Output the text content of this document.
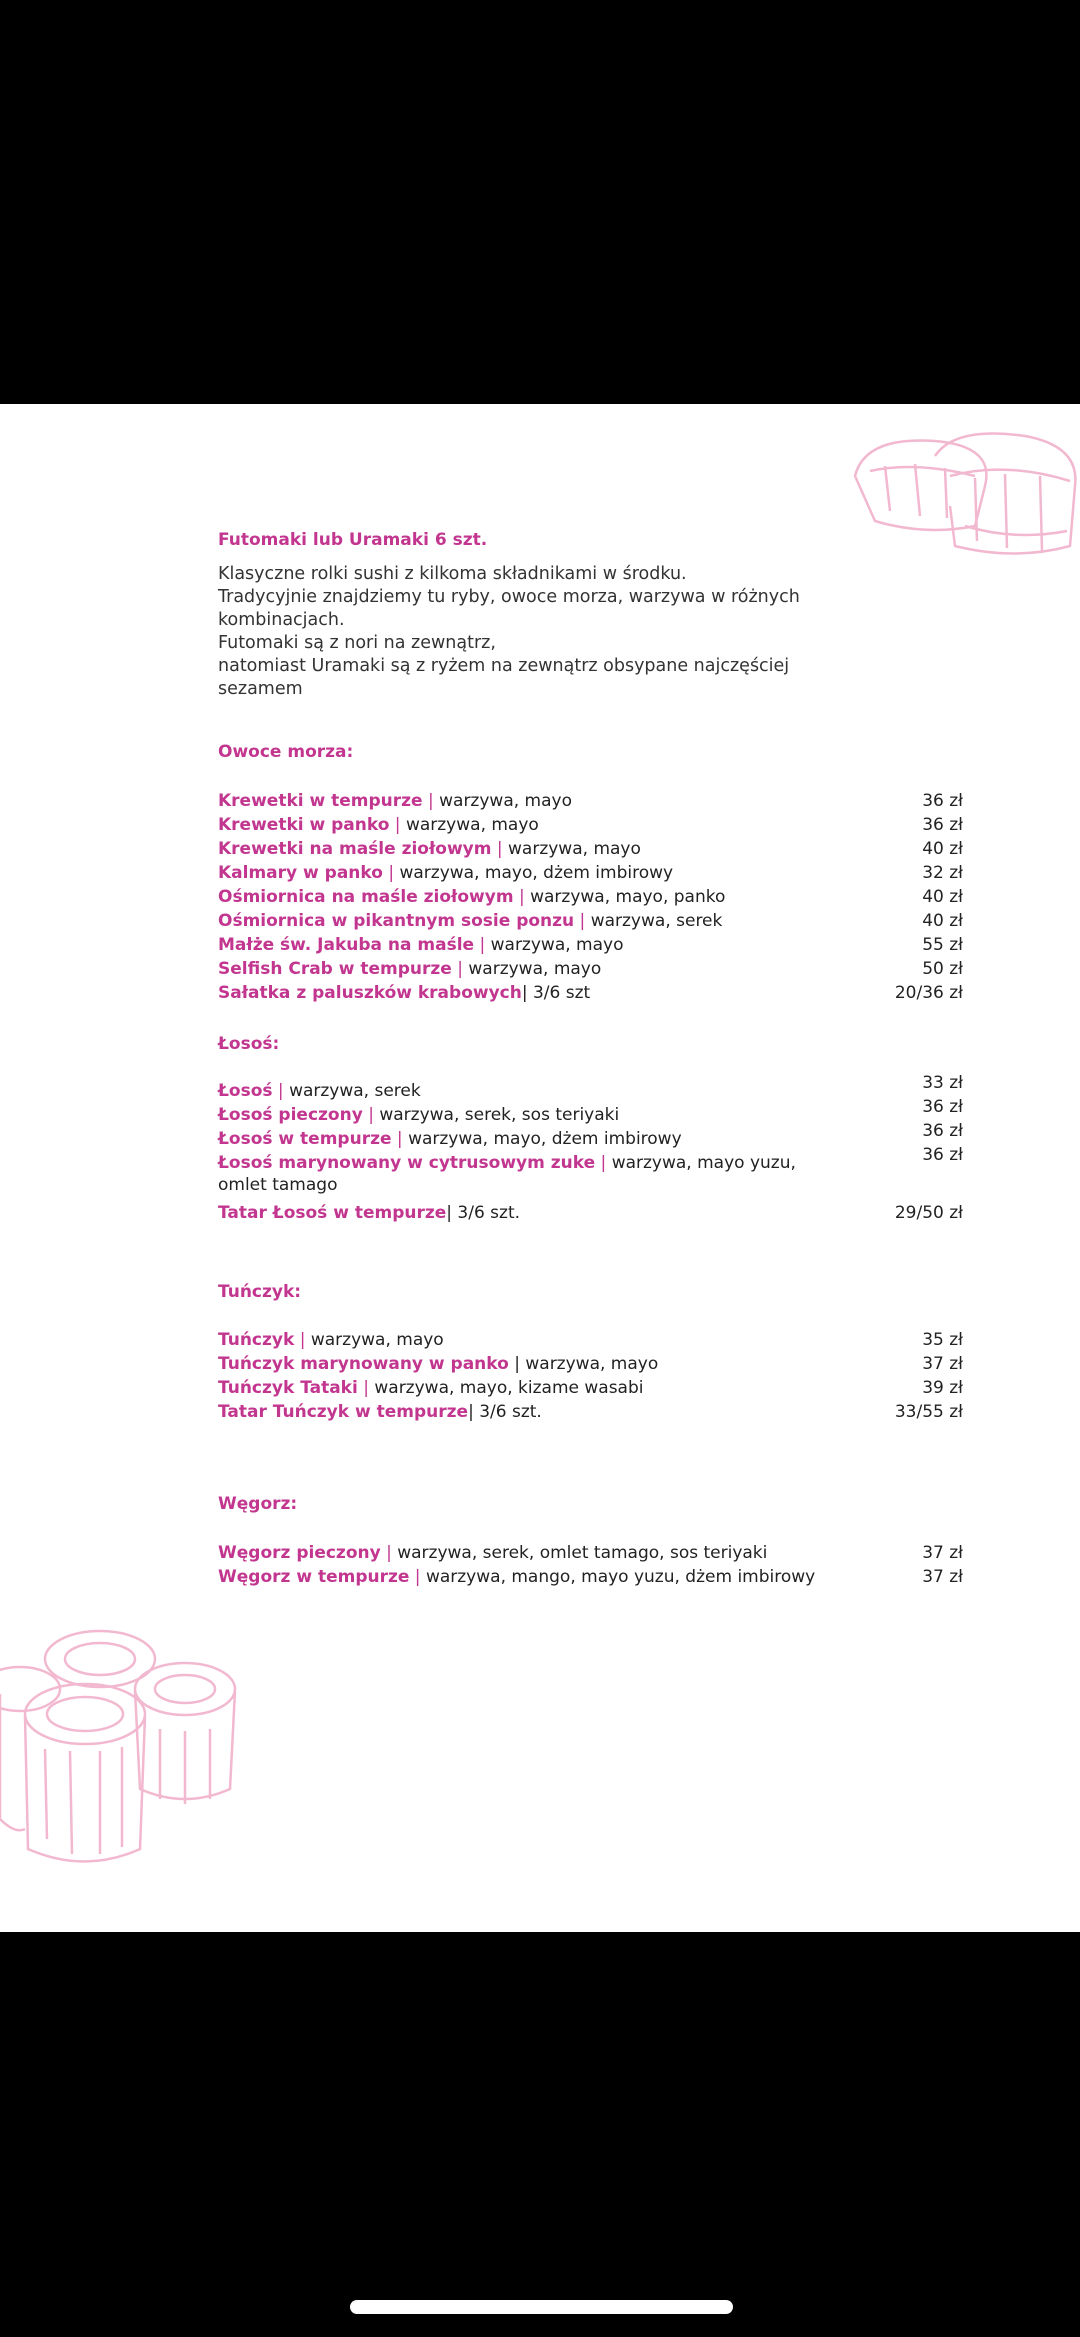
Futomaki lub Uramaki 6 szt.
Klasyczne rolki sushi z kilkoma składnikami w środku.
Tradycyjnie znajdziemy tu ryby, owoce morza, warzywa w różnych
kombinacjach.
Futomaki są z nori na zewnątrz,
natomiast Uramaki są z ryżem na zewnątrz obsypane najczęściej
sezamem
Owoce morza:
Krewetki w tempurze | warzywa, mayo	36 zł
Krewetki w panko | warzywa, mayo	36 zł
Krewetki na maśle ziołowym | warzywa, mayo	40 zł
Kalmary w panko | warzywa, mayo, dżem imbirowy	32 zł
Ośmiornica na maśle ziołowym | warzywa, mayo, panko	40 zł
Ośmiornica w pikantnym sosie ponzu | warzywa, serek	40 zł
Małże św. Jakuba na maśle | warzywa, mayo	55 zł
Selfish Crab w tempurze | warzywa, mayo	50 zł
Sałatka z paluszków krabowych| 3/6 szt	20/36 zł
Łosoś:
Łosoś | warzywa, serek	33 zł
Łosoś pieczony | warzywa, serek, sos teriyaki	36 zł
Łosoś w tempurze | warzywa, mayo, dżem imbirowy	36 zł
Łosoś marynowany w cytrusowym zuke | warzywa, mayo yuzu,	36 zł
omlet tamago
Tatar Łosoś w tempurze| 3/6 szt.	29/50 zł
Tuńczyk:
Tuńczyk | warzywa, mayo	35 zł
Tuńczyk marynowany w panko | warzywa, mayo	37 zł
Tuńczyk Tataki | warzywa, mayo, kizame wasabi	39 zł
Tatar Tuńczyk w tempurze| 3/6 szt.	33/55 zł
Węgorz:
Węgorz pieczony | warzywa, serek, omlet tamago, sos teriyaki	37 zł
Węgorz w tempurze | warzywa, mango, mayo yuzu, dżem imbirowy	37 zł
